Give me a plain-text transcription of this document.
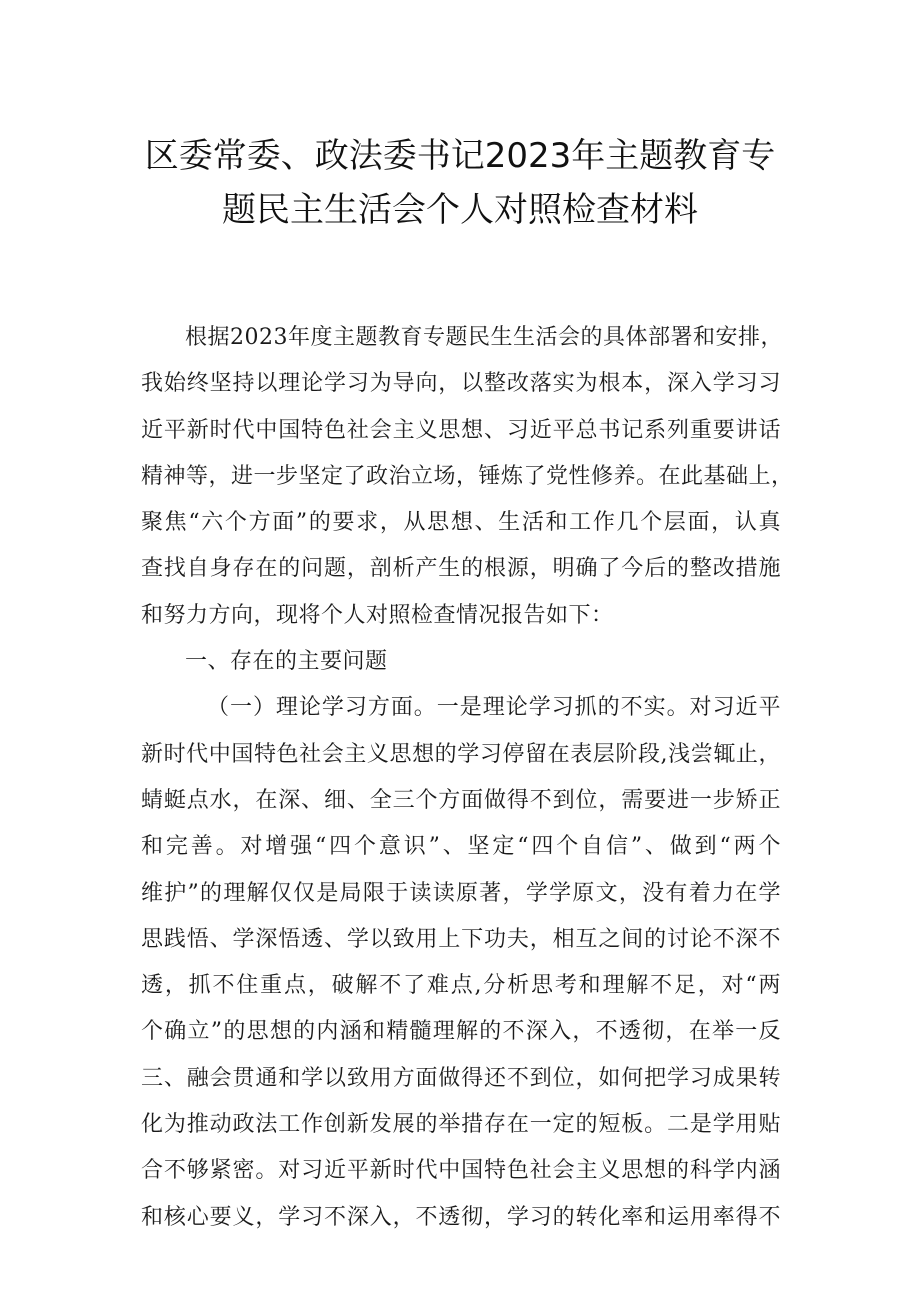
区委常委、政法委书记2023年主题教育专
题民主生活会个人对照检查材料
根据2023年度主题教育专题民生生活会的具体部署和安排，
我始终坚持以理论学习为导向，以整改落实为根本，深入学习习
近平新时代中国特色社会主义思想、习近平总书记系列重要讲话
精神等，进一步坚定了政治立场，锤炼了党性修养。在此基础上，
聚焦“六个方面”的要求，从思想、生活和工作几个层面，认真
查找自身存在的问题，剖析产生的根源，明确了今后的整改措施
和努力方向，现将个人对照检查情况报告如下：
一、存在的主要问题
（一）理论学习方面。一是理论学习抓的不实。对习近平
新时代中国特色社会主义思想的学习停留在表层阶段,浅尝辄止，
蜻蜓点水，在深、细、全三个方面做得不到位，需要进一步矫正
和完善。对增强“四个意识”、坚定“四个自信”、做到“两个
维护”的理解仅仅是局限于读读原著，学学原文，没有着力在学
思践悟、学深悟透、学以致用上下功夫，相互之间的讨论不深不
透，抓不住重点，破解不了难点,分析思考和理解不足，对“两
个确立”的思想的内涵和精髓理解的不深入，不透彻，在举一反
三、融会贯通和学以致用方面做得还不到位，如何把学习成果转
化为推动政法工作创新发展的举措存在一定的短板。二是学用贴
合不够紧密。对习近平新时代中国特色社会主义思想的科学内涵
和核心要义，学习不深入，不透彻，学习的转化率和运用率得不
